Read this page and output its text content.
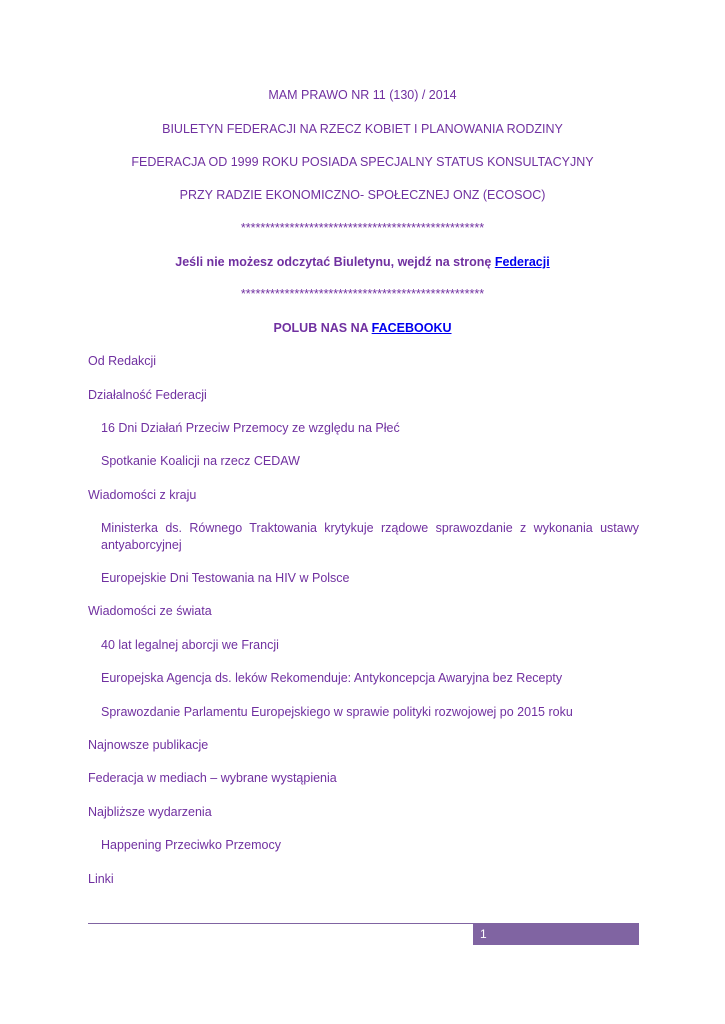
MAM PRAWO NR 11 (130) / 2014
BIULETYN FEDERACJI NA RZECZ KOBIET I PLANOWANIA RODZINY
FEDERACJA OD 1999 ROKU POSIADA SPECJALNY STATUS KONSULTACYJNY
PRZY RADZIE EKONOMICZNO- SPOŁECZNEJ ONZ (ECOSOC)
**************************************************
Jeśli nie możesz odczytać Biuletynu, wejdź na stronę Federacji
**************************************************
POLUB NAS NA FACEBOOKU
Od Redakcji
Działalność Federacji
16 Dni Działań Przeciw Przemocy ze względu na Płeć
Spotkanie Koalicji na rzecz CEDAW
Wiadomości z kraju
Ministerka ds. Równego Traktowania krytykuje rządowe sprawozdanie z wykonania ustawy antyaborcyjnej
Europejskie Dni Testowania na HIV w Polsce
Wiadomości ze świata
40 lat legalnej aborcji we Francji
Europejska Agencja ds. leków Rekomenduje: Antykoncepcja Awaryjna bez Recepty
Sprawozdanie Parlamentu Europejskiego w sprawie polityki rozwojowej po 2015 roku
Najnowsze publikacje
Federacja w mediach – wybrane wystąpienia
Najbliższe wydarzenia
Happening Przeciwko Przemocy
Linki
1
